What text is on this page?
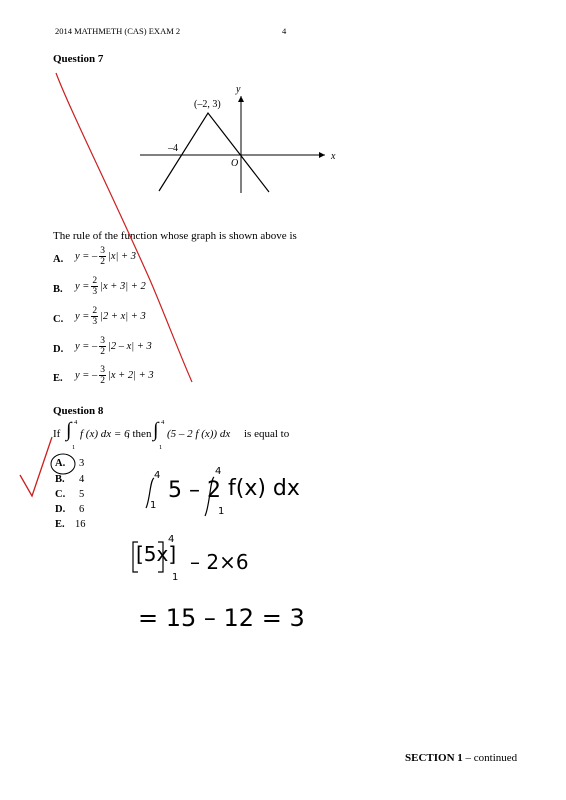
2014 MATHMETH (CAS) EXAM 2	4
Question 7
(–2, 3)
–4
O
x
y
The rule of the function whose graph is shown above is
A. y = – $\frac{3}{2} |x| + 3$
B. $y = \frac{2}{3} |x + 3| + 2$
C. $y = \frac{2}{3} |2 + x| + 3$
D. y = – $\frac{3}{2} |2 - x| + 3$
E. y = – $\frac{3}{2} |x + 2| + 3$
Question 8
If ∫ 4
1
f (x) dx = 6
, then ∫ 4
1
(5 – 2 f (x)) dx is equal to
A. 3
B. 4
C. 5
D. 6
E. 16
5 – 2
4
1
4
1
f(x) dx
[5x]
4
1
– 2×6
= 15 – 12 = 3
SECTION 1 – continued
